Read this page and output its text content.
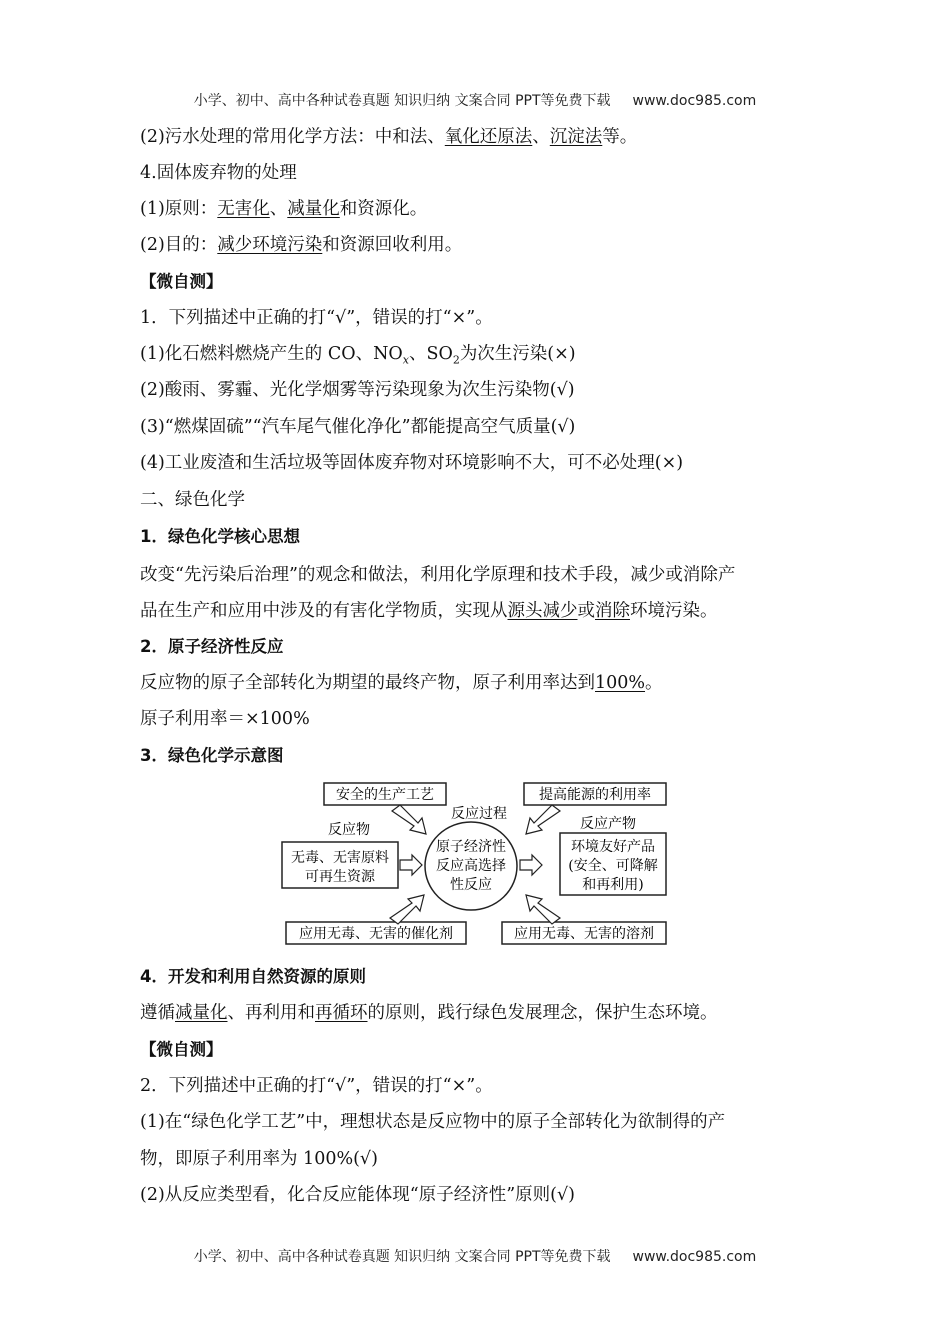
小学、初中、高中各种试卷真题 知识归纳 文案合同 PPT等免费下载 www.doc985.com
(2)污水处理的常用化学方法：中和法、氧化还原法、沉淀法等。
4.固体废弃物的处理
(1)原则：无害化、减量化和资源化。
(2)目的：减少环境污染和资源回收利用。
【微自测】
1．下列描述中正确的打“√”，错误的打“×”。
(1)化石燃料燃烧产生的 CO、$NO_x$、$SO_2$为次生污染(×)
(2)酸雨、雾霾、光化学烟雾等污染现象为次生污染物(√)
(3)“燃煤固硫”“汽车尾气催化净化”都能提高空气质量(√)
(4)工业废渣和生活垃圾等固体废弃物对环境影响不大，可不必处理(×)
二、绿色化学
1．绿色化学核心思想
改变“先污染后治理”的观念和做法，利用化学原理和技术手段，减少或消除产
品在生产和应用中涉及的有害化学物质，实现从源头减少或消除环境污染。
2．原子经济性反应
反应物的原子全部转化为期望的最终产物，原子利用率达到100%。
原子利用率＝×100%
3．绿色化学示意图
安全的生产工艺	提高能源的利用率
反应过程
反应物	反应产物
无毒、无害原料
可再生资源
原子经济性
反应高选择
性反应
环境友好产品
(安全、可降解
和再利用)
应用无毒、无害的催化剂	应用无毒、无害的溶剂
4．开发和利用自然资源的原则
遵循减量化、再利用和再循环的原则，践行绿色发展理念，保护生态环境。
【微自测】
2．下列描述中正确的打“√”，错误的打“×”。
(1)在“绿色化学工艺”中，理想状态是反应物中的原子全部转化为欲制得的产
物，即原子利用率为 100%(√)
(2)从反应类型看，化合反应能体现“原子经济性”原则(√)
小学、初中、高中各种试卷真题 知识归纳 文案合同 PPT等免费下载 www.doc985.com
